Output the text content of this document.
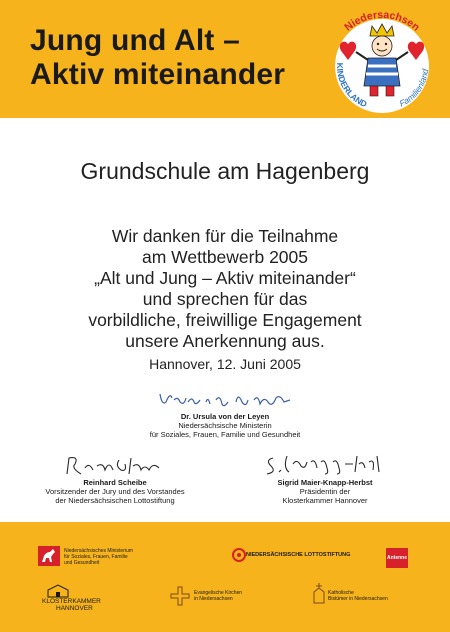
Jung und Alt –
Aktiv miteinander
Niedersachsen
KINDERLAND	Familienland
Grundschule am Hagenberg
Wir danken für die Teilnahme
am Wettbewerb 2005
„Alt und Jung – Aktiv miteinander“
und sprechen für das
vorbildliche, freiwillige Engagement
unsere Anerkennung aus.
Hannover, 12. Juni 2005
Dr. Ursula von der Leyen
Niedersächsische Ministerin
für Soziales, Frauen, Familie und Gesundheit
Reinhard Scheibe
Vorsitzender der Jury und des Vorstandes
der Niedersächsischen Lottostiftung
Sigrid Maier-Knapp-Herbst
Präsidentin der
Klosterkammer Hannover
Niedersächsisches Ministerium
für Soziales, Frauen, Familie
und Gesundheit
NIEDERSÄCHSISCHE LOTTOSTIFTUNG	Antenne
KLOSTERKAMMER
HANNOVER
Evangelische Kirchen
in Niedersachsen
Katholische
Bistümer in Niedersachsen
